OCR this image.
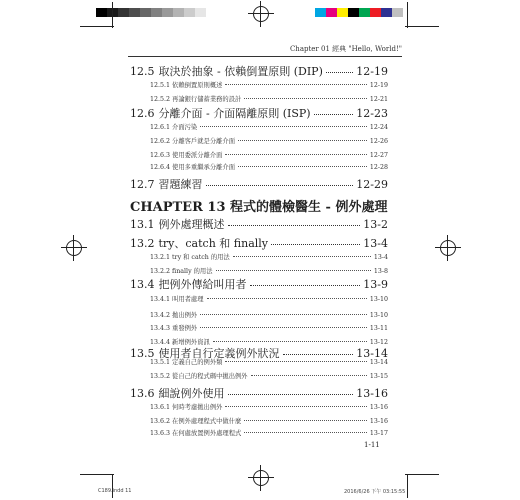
Chapter 01 經典 "Hello, World!"
CHAPTER 13 程式的體檢醫生 - 例外處理
1-11
C189.indd 11	2016/6/26 下午 03:15:55
12.5 取決於抽象 - 依賴倒置原則 (DIP)	12-19
12.5.1 依賴倒置原則概述	12-19
12.5.2 再論銀行儲蓄業務的設計	12-21
12.6 分離介面 - 介面隔離原則 (ISP)	12-23
12.6.1 介面污染	12-24
12.6.2 分離客戶就是分離介面	12-26
12.6.3 使用委派分離介面	12-27
12.6.4 使用多重繼承分離介面	12-28
12.7 習題練習	12-29
13.1 例外處理概述	13-2
13.2 try、catch 和 finally	13-4
13.2.1 try 和 catch 的用法	13-4
13.2.2 finally 的用法	13-8
13.4 把例外傳給叫用者	13-9
13.4.1 叫用者處理	13-10
13.4.2 拋出例外	13-10
13.4.3 重發例外	13-11
13.4.4 新增例外資訊	13-12
13.5 使用者自行定義例外狀況	13-14
13.5.1 定義自己的例外類	13-14
13.5.2 從自己的程式碼中拋出例外	13-15
13.6 細說例外使用	13-16
13.6.1 何時考慮拋出例外	13-16
13.6.2 在例外處理程式中做什麼	13-16
13.6.3 在何處放置例外處理程式	13-17
